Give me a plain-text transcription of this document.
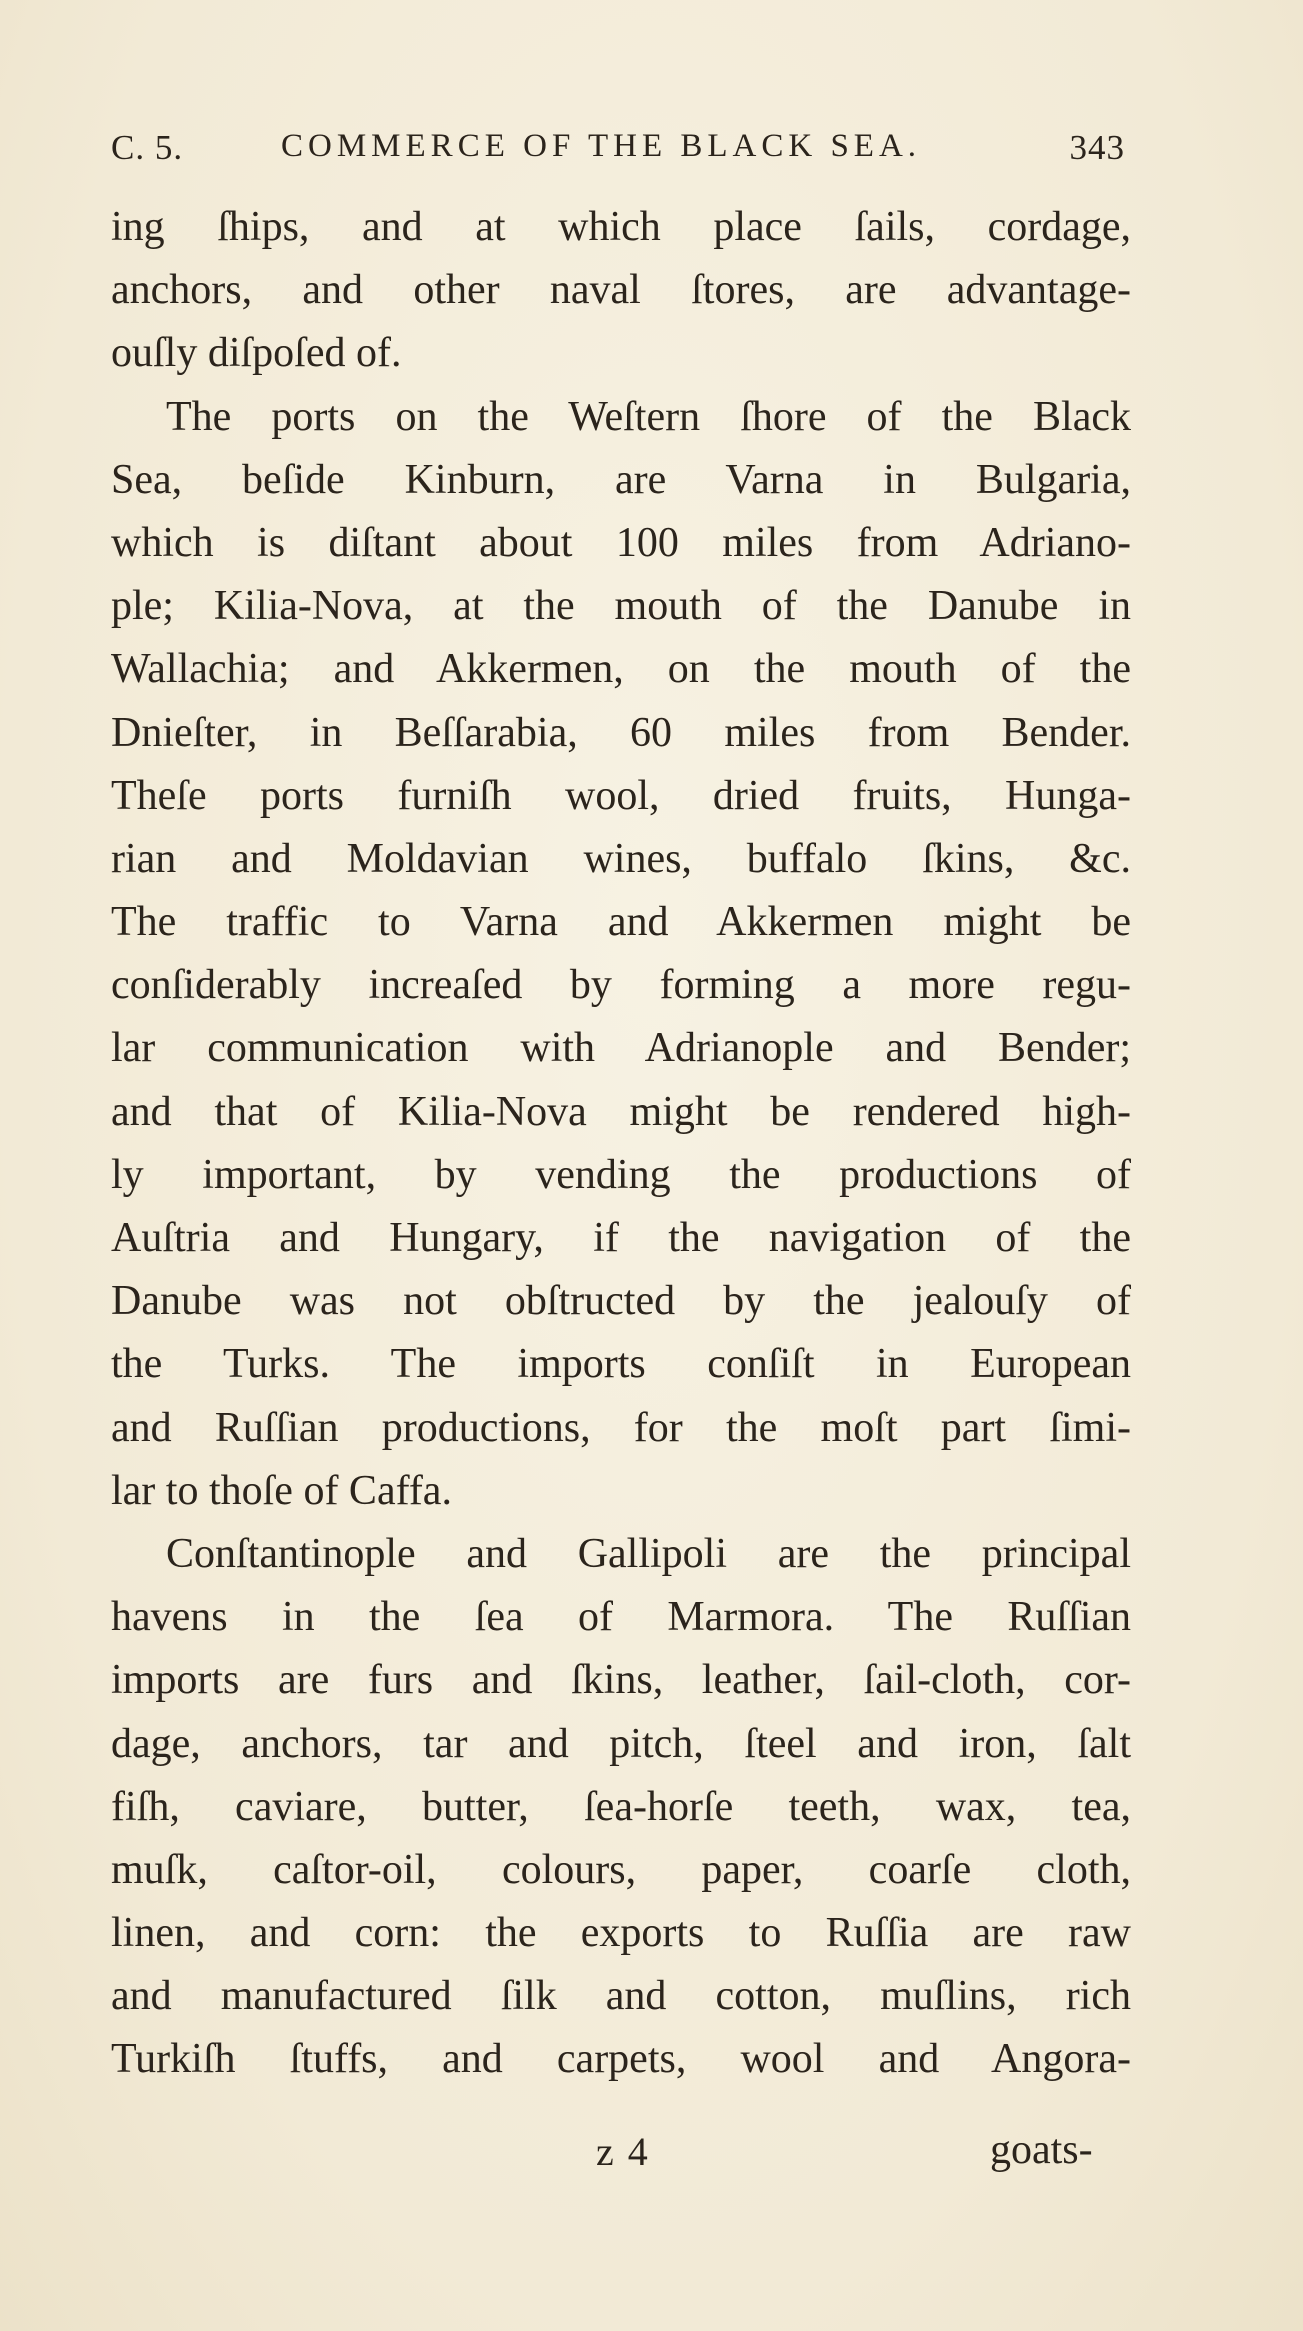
C. 5.	COMMERCE OF THE BLACK SEA.	343
ing ſhips, and at which place ſails, cordage,
anchors, and other naval ſtores, are advantage-
ouſly diſpoſed of.
The ports on the Weſtern ſhore of the Black
Sea, beſide Kinburn, are Varna in Bulgaria,
which is diſtant about 100 miles from Adriano-
ple; Kilia-Nova, at the mouth of the Danube in
Wallachia; and Akkermen, on the mouth of the
Dnieſter, in Beſſarabia, 60 miles from Bender.
Theſe ports furniſh wool, dried fruits, Hunga-
rian and Moldavian wines, buffalo ſkins, &c.
The traffic to Varna and Akkermen might be
conſiderably increaſed by forming a more regu-
lar communication with Adrianople and Bender;
and that of Kilia-Nova might be rendered high-
ly important, by vending the productions of
Auſtria and Hungary, if the navigation of the
Danube was not obſtructed by the jealouſy of
the Turks. The imports conſiſt in European
and Ruſſian productions, for the moſt part ſimi-
lar to thoſe of Caffa.
Conſtantinople and Gallipoli are the principal
havens in the ſea of Marmora. The Ruſſian
imports are furs and ſkins, leather, ſail-cloth, cor-
dage, anchors, tar and pitch, ſteel and iron, ſalt
fiſh, caviare, butter, ſea-horſe teeth, wax, tea,
muſk, caſtor-oil, colours, paper, coarſe cloth,
linen, and corn: the exports to Ruſſia are raw
and manufactured ſilk and cotton, muſlins, rich
Turkiſh ſtuffs, and carpets, wool and Angora-
z 4	goats-
